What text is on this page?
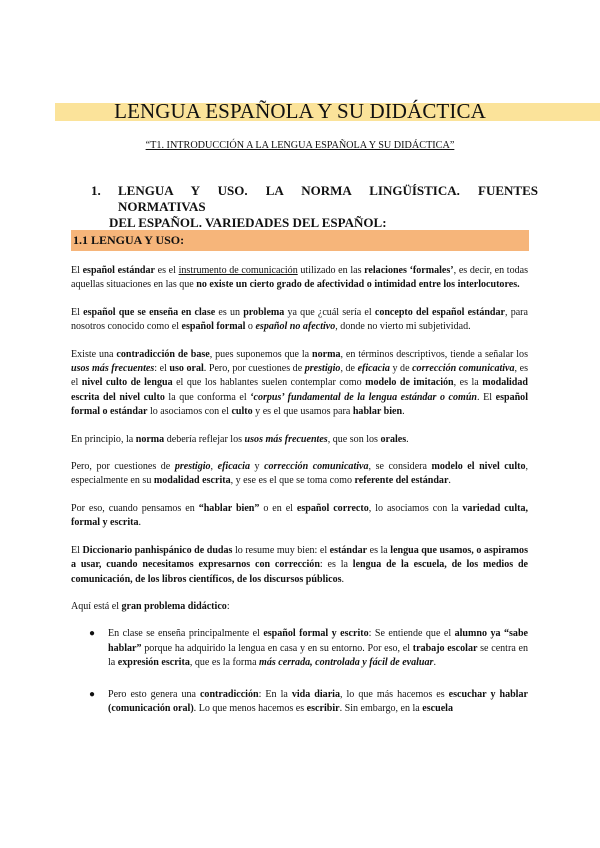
LENGUA ESPAÑOLA Y SU DIDÁCTICA
“T1. INTRODUCCIÓN A LA LENGUA ESPAÑOLA Y SU DIDÁCTICA”
1. LENGUA Y USO. LA NORMA LINGÜÍSTICA. FUENTES NORMATIVAS
DEL ESPAÑOL. VARIEDADES DEL ESPAÑOL:
1.1 LENGUA Y USO:

El español estándar es el instrumento de comunicación utilizado en las relaciones ‘formales’, es decir, en todas aquellas situaciones en las que no existe un cierto grado de afectividad o intimidad entre los interlocutores.

El español que se enseña en clase es un problema ya que ¿cuál sería el concepto del español estándar, para nosotros conocido como el español formal o español no afectivo, donde no vierto mi subjetividad.

Existe una contradicción de base, pues suponemos que la norma, en términos descriptivos, tiende a señalar los usos más frecuentes: el uso oral. Pero, por cuestiones de prestigio, de eficacia y de corrección comunicativa, es el nivel culto de lengua el que los hablantes suelen contemplar como modelo de imitación, es la modalidad escrita del nivel culto la que conforma el ‘corpus’ fundamental de la lengua estándar o común. El español formal o estándar lo asociamos con el culto y es el que usamos para hablar bien.

En principio, la norma debería reflejar los usos más frecuentes, que son los orales.

Pero, por cuestiones de prestigio, eficacia y corrección comunicativa, se considera modelo el nivel culto, especialmente en su modalidad escrita, y ese es el que se toma como referente del estándar.

Por eso, cuando pensamos en “hablar bien” o en el español correcto, lo asociamos con la variedad culta, formal y escrita.

El Diccionario panhispánico de dudas lo resume muy bien: el estándar es la lengua que usamos, o aspiramos a usar, cuando necesitamos expresarnos con corrección: es la lengua de la escuela, de los medios de comunicación, de los libros científicos, de los discursos públicos.

Aquí está el gran problema didáctico:

● En clase se enseña principalmente el español formal y escrito: Se entiende que el alumno ya “sabe hablar” porque ha adquirido la lengua en casa y en su entorno. Por eso, el trabajo escolar se centra en la expresión escrita, que es la forma más cerrada, controlada y fácil de evaluar.
● Pero esto genera una contradicción: En la vida diaria, lo que más hacemos es escuchar y hablar (comunicación oral). Lo que menos hacemos es escribir. Sin embargo, en la escuela
